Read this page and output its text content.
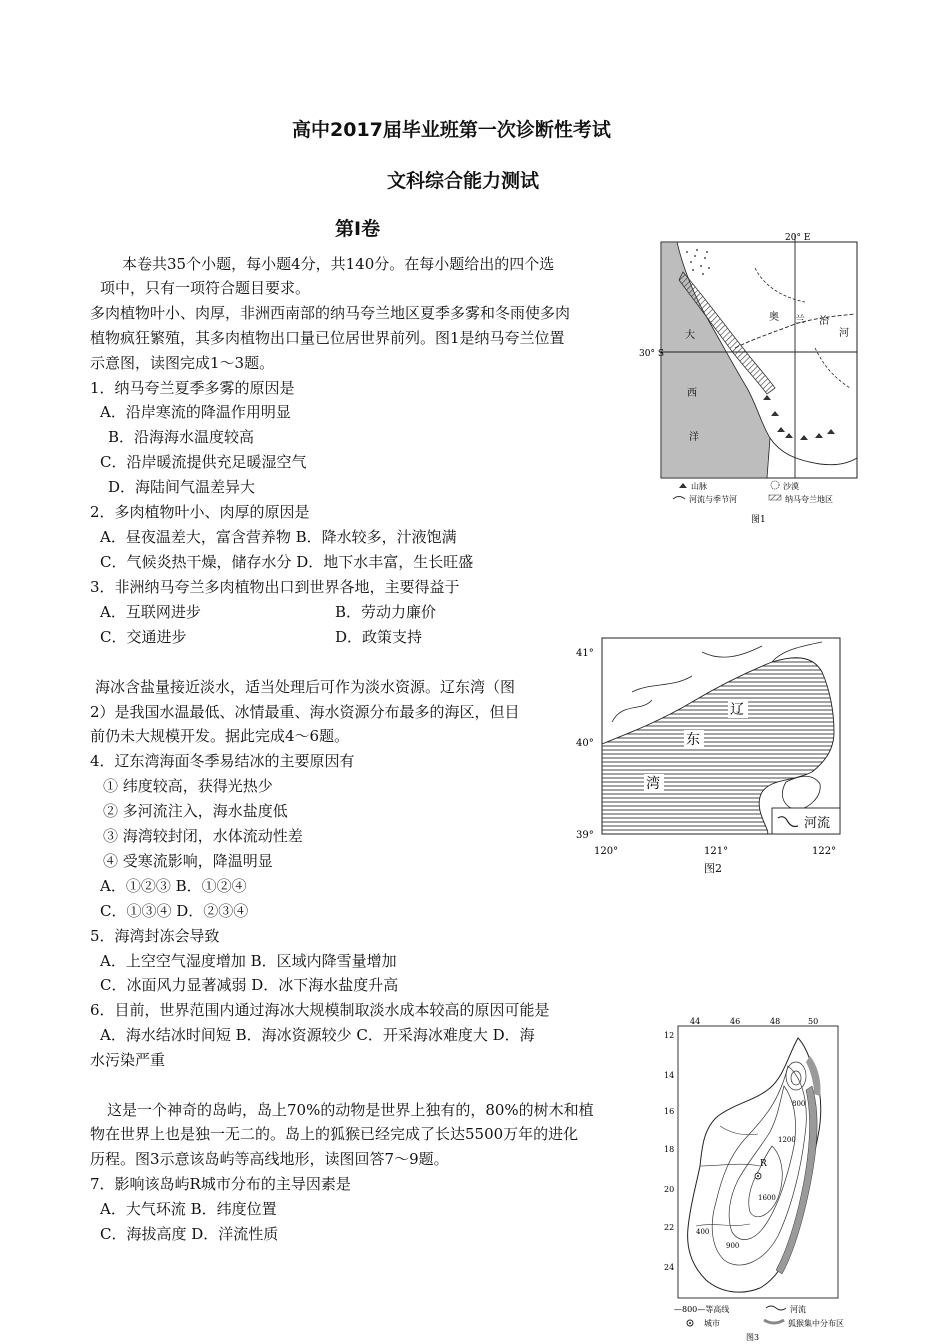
高中2017届毕业班第一次诊断性考试
文科综合能力测试
第Ⅰ卷
本卷共35个小题，每小题4分，共140分。在每小题给出的四个选
项中，只有一项符合题目要求。
多肉植物叶小、肉厚，非洲西南部的纳马夸兰地区夏季多雾和冬雨使多肉
植物疯狂繁殖，其多肉植物出口量已位居世界前列。图1是纳马夸兰位置
示意图，读图完成1～3题。
1．纳马夸兰夏季多雾的原因是
A．沿岸寒流的降温作用明显
B．沿海海水温度较高
C．沿岸暖流提供充足暖湿空气
D．海陆间气温差异大
2．多肉植物叶小、肉厚的原因是
A．昼夜温差大，富含营养物 B．降水较多，汁液饱满
C．气候炎热干燥，储存水分 D．地下水丰富，生长旺盛
3．非洲纳马夸兰多肉植物出口到世界各地，主要得益于
A．互联网进步	B．劳动力廉价
C．交通进步	D．政策支持
海冰含盐量接近淡水，适当处理后可作为淡水资源。辽东湾（图
2）是我国水温最低、冰情最重、海水资源分布最多的海区，但目
前仍未大规模开发。据此完成4～6题。
4．辽东湾海面冬季易结冰的主要原因有
① 纬度较高，获得光热少
② 多河流注入，海水盐度低
③ 海湾较封闭，水体流动性差
④ 受寒流影响，降温明显
A．①②③ B．①②④
C．①③④ D．②③④
5．海湾封冻会导致
A．上空空气湿度增加 B．区域内降雪量增加
C．冰面风力显著减弱 D．冰下海水盐度升高
6．目前，世界范围内通过海冰大规模制取淡水成本较高的原因可能是
A．海水结冰时间短 B．海冰资源较少 C．开采海冰难度大 D．海
水污染严重
这是一个神奇的岛屿，岛上70%的动物是世界上独有的，80%的树木和植
物在世界上也是独一无二的。岛上的狐猴已经完成了长达5500万年的进化
历程。图3示意该岛屿等高线地形，读图回答7～9题。
7．影响该岛屿R城市分布的主导因素是
A．大气环流 B．纬度位置
C．海拔高度 D．洋流性质
20° E
30° S
大
西
洋
奥 兰 治
河
山脉	沙漠
河流与季节河	纳马夸兰地区
图1
辽
东
湾
河流
41°
40°
39°
120°	121°	122°
图2
44	46	48	50
12
14
16
18
20
22
24
800
1200
400
1600
900
R
—800—等高线	河流
城市	狐猴集中分布区
图3
